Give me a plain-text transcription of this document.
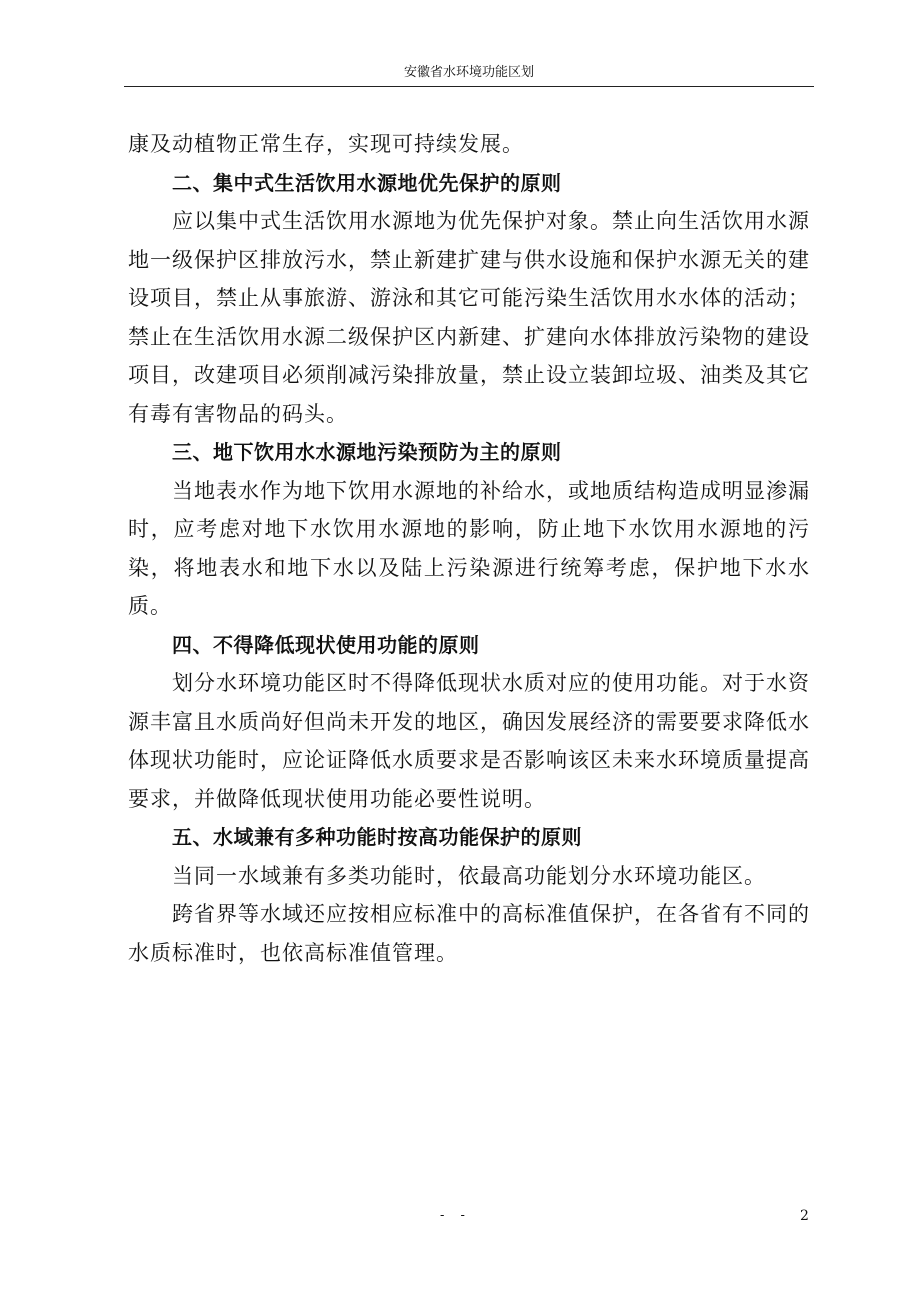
安徽省水环境功能区划

康及动植物正常生存，实现可持续发展。

二、集中式生活饮用水源地优先保护的原则

应以集中式生活饮用水源地为优先保护对象。禁止向生活饮用水源地一级保护区排放污水，禁止新建扩建与供水设施和保护水源无关的建设项目，禁止从事旅游、游泳和其它可能污染生活饮用水水体的活动；禁止在生活饮用水源二级保护区内新建、扩建向水体排放污染物的建设项目，改建项目必须削减污染排放量，禁止设立装卸垃圾、油类及其它有毒有害物品的码头。

三、地下饮用水水源地污染预防为主的原则

当地表水作为地下饮用水源地的补给水，或地质结构造成明显渗漏时，应考虑对地下水饮用水源地的影响，防止地下水饮用水源地的污染，将地表水和地下水以及陆上污染源进行统筹考虑，保护地下水水质。

四、不得降低现状使用功能的原则

划分水环境功能区时不得降低现状水质对应的使用功能。对于水资源丰富且水质尚好但尚未开发的地区，确因发展经济的需要要求降低水体现状功能时，应论证降低水质要求是否影响该区未来水环境质量提高要求，并做降低现状使用功能必要性说明。

五、水域兼有多种功能时按高功能保护的原则

当同一水域兼有多类功能时，依最高功能划分水环境功能区。

跨省界等水域还应按相应标准中的高标准值保护，在各省有不同的水质标准时，也依高标准值管理。

- -	2
